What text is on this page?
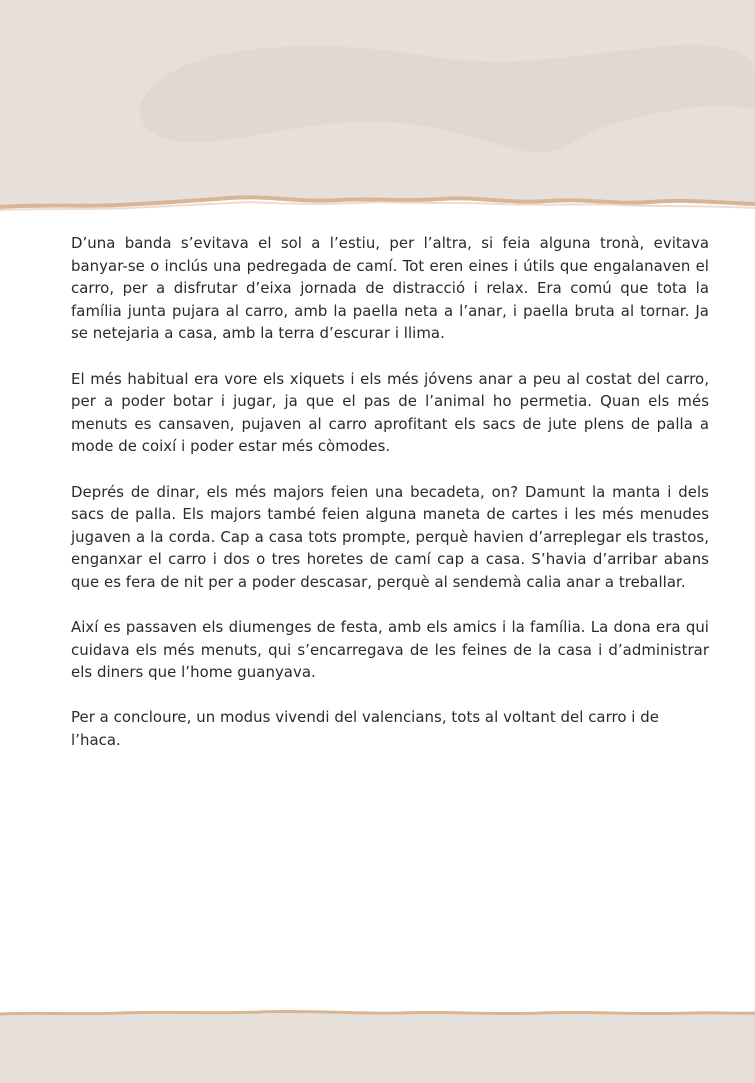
D’una banda s’evitava el sol a l’estiu, per l’altra, si feia alguna tronà, evitava banyar-se o inclús una pedregada de camí. Tot eren eines i útils que engalanaven el carro, per a disfrutar d’eixa jornada de distracció i relax. Era comú que tota la família junta pujara al carro, amb la paella neta a l’anar, i paella bruta al tornar. Ja se netejaria a casa, amb la terra d’escurar i llima.

El més habitual era vore els xiquets i els més jóvens anar a peu al costat del carro, per a poder botar i jugar, ja que el pas de l’animal ho permetia. Quan els més menuts es cansaven, pujaven al carro aprofitant els sacs de jute plens de palla a mode de coixí i poder estar més còmodes.

Deprés de dinar, els més majors feien una becadeta, on? Damunt la manta i dels sacs de palla. Els majors també feien alguna maneta de cartes i les més menudes jugaven a la corda. Cap a casa tots prompte, perquè havien d’arreplegar els trastos, enganxar el carro i dos o tres horetes de camí cap a casa. S’havia d’arribar abans que es fera de nit per a poder descasar, perquè al sendemà calia anar a treballar.

Així es passaven els diumenges de festa, amb els amics i la família. La dona era qui cuidava els més menuts, qui s’encarregava de les feines de la casa i d’administrar els diners que l’home guanyava.

Per a concloure, un modus vivendi del valencians, tots al voltant del carro i de l’haca.
